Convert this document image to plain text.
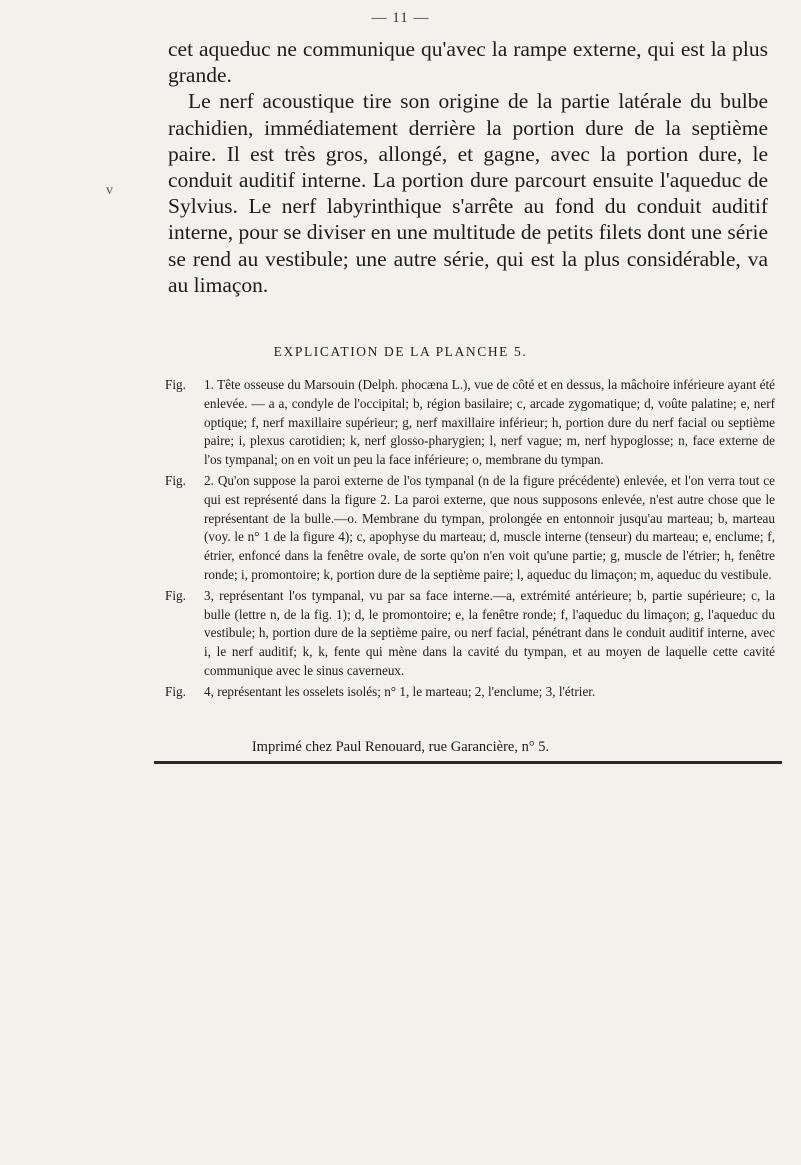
— 11 —
v

cet aqueduc ne communique qu'avec la rampe externe, qui est la plus grande.

Le nerf acoustique tire son origine de la partie latérale du bulbe rachidien, immédiatement derrière la portion dure de la septième paire. Il est très gros, allongé, et gagne, avec la portion dure, le conduit auditif interne. La portion dure parcourt ensuite l'aqueduc de Sylvius. Le nerf labyrinthique s'arrête au fond du conduit auditif interne, pour se diviser en une multitude de petits filets dont une série se rend au vestibule; une autre série, qui est la plus considérable, va au limaçon.

EXPLICATION DE LA PLANCHE 5.
Fig.	1. Tête osseuse du Marsouin (Delph. phocæna L.), vue de côté et en dessus, la mâchoire inférieure ayant été enlevée. — a a, condyle de l'occipital; b, région basilaire; c, arcade zygomatique; d, voûte palatine; e, nerf optique; f, nerf maxillaire supérieur; g, nerf maxillaire inférieur; h, portion dure du nerf facial ou septième paire; i, plexus carotidien; k, nerf glosso-pharygien; l, nerf vague; m, nerf hypoglosse; n, face externe de l'os tympanal; on en voit un peu la face inférieure; o, membrane du tympan.
Fig.	2. Qu'on suppose la paroi externe de l'os tympanal (n de la figure précédente) enlevée, et l'on verra tout ce qui est représenté dans la figure 2. La paroi externe, que nous supposons enlevée, n'est autre chose que le représentant de la bulle.—o. Membrane du tympan, prolongée en entonnoir jusqu'au marteau; b, marteau (voy. le n° 1 de la figure 4); c, apophyse du marteau; d, muscle interne (tenseur) du marteau; e, enclume; f, étrier, enfoncé dans la fenêtre ovale, de sorte qu'on n'en voit qu'une partie; g, muscle de l'étrier; h, fenêtre ronde; i, promontoire; k, portion dure de la septième paire; l, aqueduc du limaçon; m, aqueduc du vestibule.
Fig.	3, représentant l'os tympanal, vu par sa face interne.—a, extrémité antérieure; b, partie supérieure; c, la bulle (lettre n, de la fig. 1); d, le promontoire; e, la fenêtre ronde; f, l'aqueduc du limaçon; g, l'aqueduc du vestibule; h, portion dure de la septième paire, ou nerf facial, pénétrant dans le conduit auditif interne, avec i, le nerf auditif; k, k, fente qui mène dans la cavité du tympan, et au moyen de laquelle cette cavité communique avec le sinus caverneux.
Fig.	4, représentant les osselets isolés; n° 1, le marteau; 2, l'enclume; 3, l'étrier.
Imprimé chez Paul Renouard, rue Garancière, n° 5.
